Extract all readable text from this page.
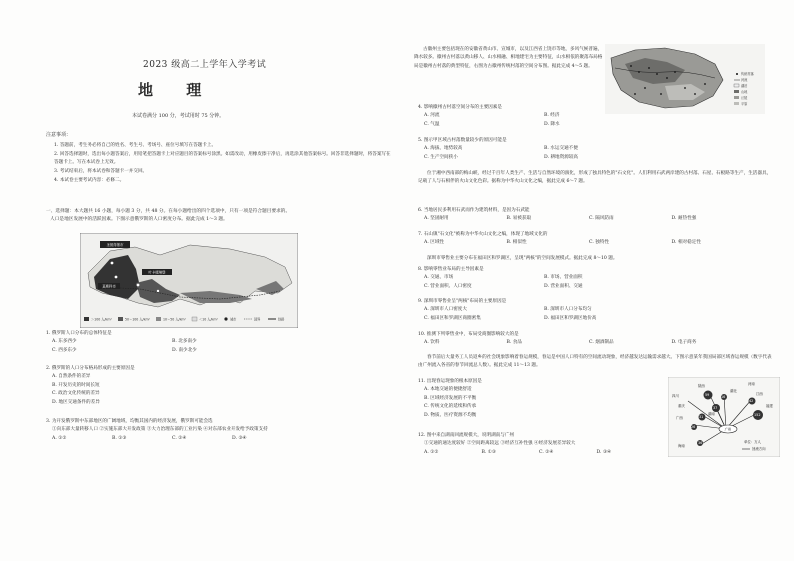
2023 级高二上学年入学考试
地 理
本试卷满分 100 分，考试用时 75 分钟。
注意事项：

1. 答题前，考生务必将自己的姓名、考生号、考场号、座位号填写在答题卡上。

2. 回答选择题时，选出每小题答案后，用铅笔把答题卡上对应题目的答案标号涂黑。如需改动，用橡皮擦干净后，再选涂其他答案标号。回答非选择题时，将答案写在答题卡上。写在本试卷上无效。

3. 考试结束后，将本试卷和答题卡一并交回。

4. 本试卷主要考试内容：必修二。

一、选择题：本大题共 16 小题，每小题 3 分，共 48 分。在每小题给出的四个选项中，只有一项是符合题目要求的。

人口是地区发展中的活跃因素。下图示意俄罗斯的人口密度分布。据此完成 1～3 题。

圣彼得堡市
莫斯科市
叶卡捷琳堡
＞100 人/km²	50～100 人/km²	10～50 人/km²	＜10 人/km²	城市	国界	铁路

1. 俄罗斯人口分布的总体特征是

A. 东多西少	B. 北多南少
C. 西多东少	D. 南少北少

2. 俄罗斯的人口分布格局形成的主要原因是

A. 自然条件的差异

B. 开发历史的时间长短

C. 政治文化传统的差异

D. 地区交通条件的差异

3. 为开发俄罗斯中东部地区的广阔地域，均衡其国内的经济发展，俄罗斯可能会选

①向东部大量转移人口 ②实施东部大开发政策 ③大力治理东部的工业污染 ④对东部农业开发给予政策支持

A. ①②	B. ①③	C. ②④	D. ③④

古徽州主要包括现在的安徽省黄山市、宣城市，以及江西省上饶市等地，多风气候普遍，降水较多。徽州古村落以黄山移人、山水相融、相地建宅为主要特征，山水相依的聚落布局格局是徽州古村落的典型特征，右图为古徽州传统村落的空间分布图。据此完成 4～5 题。

传统村落
河流
湖泊
山地
丘陵
平原

4. 影响徽州古村落空间分布的主要因素是

A. 河流	B. 经济
C. 气温	D. 降水

5. 图示甲区域古村落数量较少的原因可能是

A. 海拔、地势较高	B. 水运交通不便
C. 生产空间狭小	D. 耕地资源较高

位于湘中西南部的梅山峡，经过千百年人类生产、生活与自然环境的演化，形成了独具特色的"石文化"。人们利用石武两岸建的古村落、石屋、石板路等生产，生活器具，记载了人与石相伴的火山文化色彩。据称为中华火山文化之编，据此完成 6～7 题。

6. 当地居民多利用石武而作为建筑材料，是因为石武能

A. 坚固耐用	B. 易被获取	C. 隔风防雨	D. 耐热性强

7. 石山镇"石文化"被称为中华火山文化之编，体现了地域文化的

A. 区域性	B. 相似性	C. 独特性	D. 相对稳定性

深圳市零售业主要分布在福田区和罗湖区，呈现"两核"的空间发展模式。据此完成 8～10 题。

8. 影响零售业布局的主导因素是

A. 交通、市场	B. 市场、营业面积
C. 营业面积、人口密度	D. 营业面积、交通

9. 深圳市零售业呈"两核"布局的主要原因是

A. 深圳市人口密度大	B. 深圳市人口分布均匀
C. 福田区和罗湖区商圈密集	D. 福田区和罗湖区地价高

10. 推测下列零售业中，布局受商圈影响较大的是

A. 饮料	B. 食品	C. 烟酒制品	D. 电子商务

春节前后大量务工人员返乡的社会现象影响着春运规模，春运是中国人口特有的空间流动现象，经济越发达运输需求越大。下图示意某年我国局部区域春运规模（数字代表由广州流入各省的春节回流总人数）。据此完成 11～13 题。

11. 出现春运现象的根本原因是

A. 本地交通的便捷舒适

B. 区域经济发展的不平衡

C. 传统文化的延续和传承

D. 物质、医疗资源不均衡

12. 图中来自湖南回流规模大，说明湖南与广州

①交通的通达度较好 ②空间距离较远 ③经济互补性强 ④经济发展差异较大

A. ①②	B. ①③	C. ②④	D. ③④
广州
河南
陕西
四川
湖北
江西
福建
湖南
广西
重庆
海南
59	16
37
42
152
31
26
36	单位：万人
回流方向
